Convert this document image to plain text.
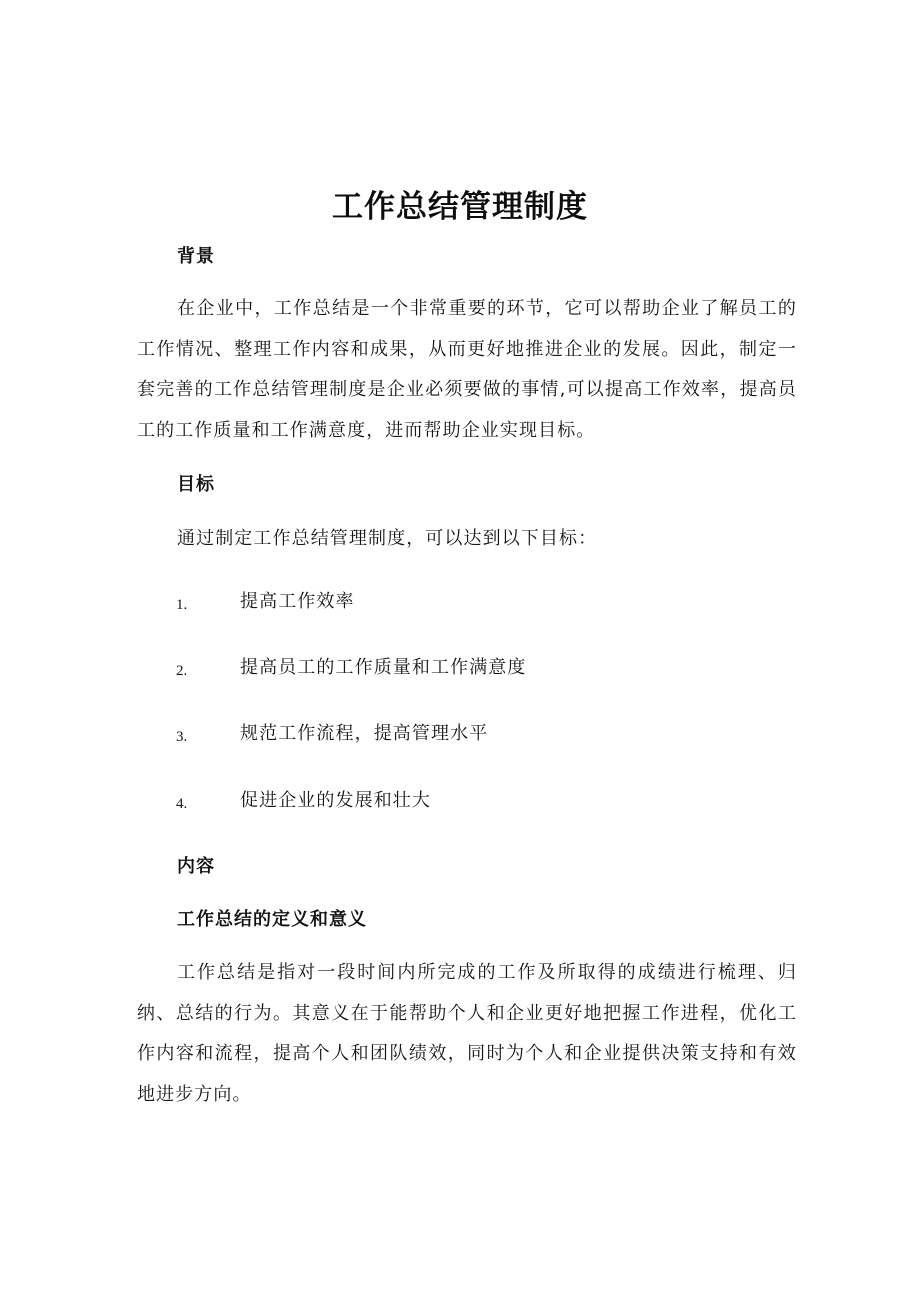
工作总结管理制度
背景

在企业中，工作总结是一个非常重要的环节，它可以帮助企业了解员工的工作情况、整理工作内容和成果，从而更好地推进企业的发展。因此，制定一套完善的工作总结管理制度是企业必须要做的事情,可以提高工作效率，提高员工的工作质量和工作满意度，进而帮助企业实现目标。

目标
通过制定工作总结管理制度，可以达到以下目标：
1.	提高工作效率
2.	提高员工的工作质量和工作满意度
3.	规范工作流程，提高管理水平
4.	促进企业的发展和壮大
内容
工作总结的定义和意义

工作总结是指对一段时间内所完成的工作及所取得的成绩进行梳理、归纳、总结的行为。其意义在于能帮助个人和企业更好地把握工作进程，优化工作内容和流程，提高个人和团队绩效，同时为个人和企业提供决策支持和有效地进步方向。
